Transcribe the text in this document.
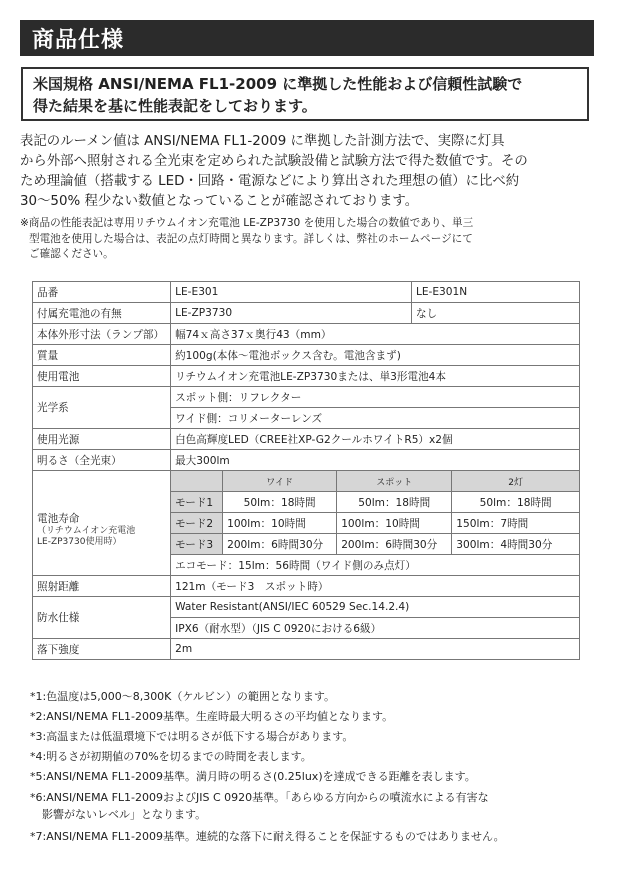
商品仕様
米国規格 ANSI/NEMA FL1-2009 に準拠した性能および信頼性試験で
得た結果を基に性能表記をしております。

表記のルーメン値は ANSI/NEMA FL1-2009 に準拠した計測方法で、実際に灯具

から外部へ照射される全光束を定められた試験設備と試験方法で得た数値です。その

ため理論値（搭載する LED・回路・電源などにより算出された理想の値）に比べ約

30～50% 程少ない数値となっていることが確認されております。

※商品の性能表記は専用リチウムイオン充電池 LE-ZP3730 を使用した場合の数値であり、単三
型電池を使用した場合は、表記の点灯時間と異なります。詳しくは、弊社のホームページにて
ご確認ください。
品番	LE-E301			LE-E301N	
付属充電池の有無	LE-ZP3730			なし	
本体外形寸法（ランプ部）	幅74ｘ高さ37ｘ奥行43（mm）				
質量	約100g(本体～電池ボックス含む。電池含まず)				
使用電池	リチウムイオン充電池LE-ZP3730または、単3形電池4本				
光学系	スポット側：リフレクター				
	ワイド側：コリメーターレンズ				
使用光源	白色高輝度LED（CREE社XP-G2クールホワイトR5）x2個				
明るさ（全光束）	最大300lm				

電池寿命
（リチウムイオン充電池
LE-ZP3730使用時）		ワイド	スポット		2灯
	モード1	50lm：18時間	50lm：18時間		50lm：18時間
	モード2	100lm：10時間	100lm：10時間		150lm：7時間
	モード3	200lm：6時間30分	200lm：6時間30分		300lm：4時間30分
	エコモード：15lm：56時間（ワイド側のみ点灯）				
照射距離	121m（モード3　スポット時）				
防水仕様	Water Resistant(ANSI/IEC 60529 Sec.14.2.4)				
	IPX6（耐水型）（JIS C 0920における6級）				
落下強度	2m				
*1:色温度は5,000～8,300K（ケルビン）の範囲となります。
*2:ANSI/NEMA FL1-2009基準。生産時最大明るさの平均値となります。
*3:高温または低温環境下では明るさが低下する場合があります。
*4:明るさが初期値の70%を切るまでの時間を表します。
*5:ANSI/NEMA FL1-2009基準。満月時の明るさ(0.25lux)を達成できる距離を表します。
*6:ANSI/NEMA FL1-2009およびJIS C 0920基準。「あらゆる方向からの噴流水による有害な
影響がないレベル」となります。
*7:ANSI/NEMA FL1-2009基準。連続的な落下に耐え得ることを保証するものではありません。
